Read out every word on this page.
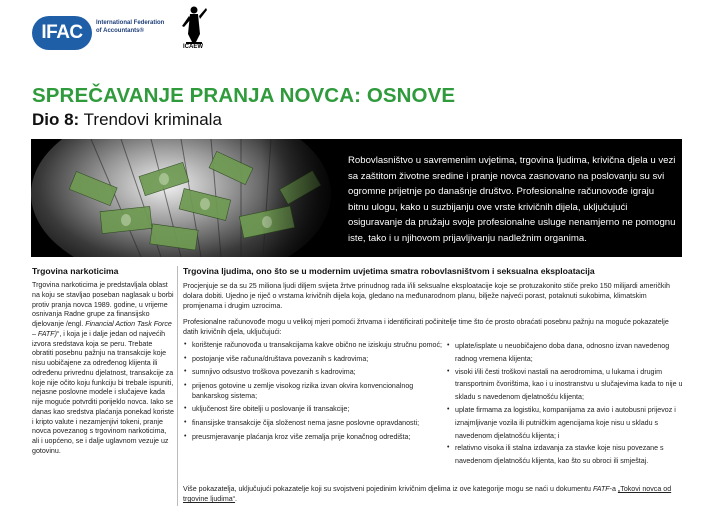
IFAC International Federation of Accountants®
ICAEW
SPREČAVANJE PRANJA NOVCA: OSNOVE
Dio 8: Trendovi kriminala
Robovlasništvo u savremenim uvjetima, trgovina ljudima, krivična djela u vezi sa zaštitom životne sredine i pranje novca zasnovano na poslovanju su svi ogromne prijetnje po današnje društvo. Profesionalne računovođe igraju bitnu ulogu, kako u suzbijanju ove vrste krivičnih dijela, uključujući osiguravanje da pružaju svoje profesionalne usluge nenamjerno ne pomognu iste, tako i u njihovom prijavljivanju nadležnim organima.
Trgovina narkoticima

Trgovina narkoticima je predstavljala oblast na koju se stavljao poseban naglasak u borbi protiv pranja novca 1989. godine, u vrijeme osnivanja Radne grupe za finansijsko djelovanje /engl. Financial Action Task Force – FATF)“, i koja je i dalje jedan od najvećih izvora sredstava koja se peru. Trebate obratiti posebnu pažnju na transakcije koje nisu uobičajene za određenog klijenta ili određenu privrednu djelatnost, transakcije za koje nije očito koju funkciju bi trebale ispuniti, nejasne poslovne modele i slučajeve kada nije moguće potvrditi porijeklo novca. Iako se danas kao sredstva plaćanja ponekad koriste i kripto valute i nezamjenjivi tokeni, pranje novca povezanog s trgovinom narkoticima, ali i uopćeno, se i dalje uglavnom vezuje uz gotovinu.

Trgovina ljudima, ono što se u modernim uvjetima smatra robovlasništvom i seksualna eksploatacija

Procjenjuje se da su 25 miliona ljudi diljem svijeta žrtve prinudnog rada i/ili seksualne eksploatacije koje se protuzakonito stiče preko 150 milijardi američkih dolara dobiti. Ujedno je riječ o vrstama krivičnih dijela koja, gledano na međunarodnom planu, bilježe najveći porast, potaknuti sukobima, klimatskim promjenama i drugim uzrocima.

Profesionalne računovođe mogu u velikoj mjeri pomoći žrtvama i identificirati počinitelje time što će prosto obraćati posebnu pažnju na moguće pokazatelje datih krivičnih djela, uključujući:

• korištenje računovođa u transakcijama kakve obično ne iziskuju stručnu pomoć;
• postojanje više računa/društava povezanih s kadrovima;
• sumnjivo odsustvo troškova povezanih s kadrovima;
• prijenos gotovine u zemlje visokog rizika izvan okvira konvencionalnog bankarskog sistema;
• uključenost šire obitelji u poslovanje ili transakcije;
• finansijske transakcije čija složenost nema jasne poslovne opravdanosti;
• preusmjeravanje plaćanja kroz više zemalja prije konačnog odredišta;
• uplate/isplate u neuobičajeno doba dana, odnosno izvan navedenog radnog vremena klijenta;
• visoki i/ili česti troškovi nastali na aerodromima, u lukama i drugim transportnim čvorištima, kao i u inostranstvu u slučajevima kada to nije u skladu s navedenom djelatnošću klijenta;
• uplate firmama za logistiku, kompanijama za avio i autobusni prijevoz i iznajmljivanje vozila ili putničkim agencijama koje nisu u skladu s navedenom djelatnošću klijenta; i
• relativno visoka ili stalna izdavanja za stavke koje nisu povezane s navedenom djelatnošću klijenta, kao što su obroci ili smještaj.

Više pokazatelja, uključujući pokazatelje koji su svojstveni pojedinim krivičnim djelima iz ove kategorije mogu se naći u dokumentu FATF-a „Tokovi novca od trgovine ljudima“.
